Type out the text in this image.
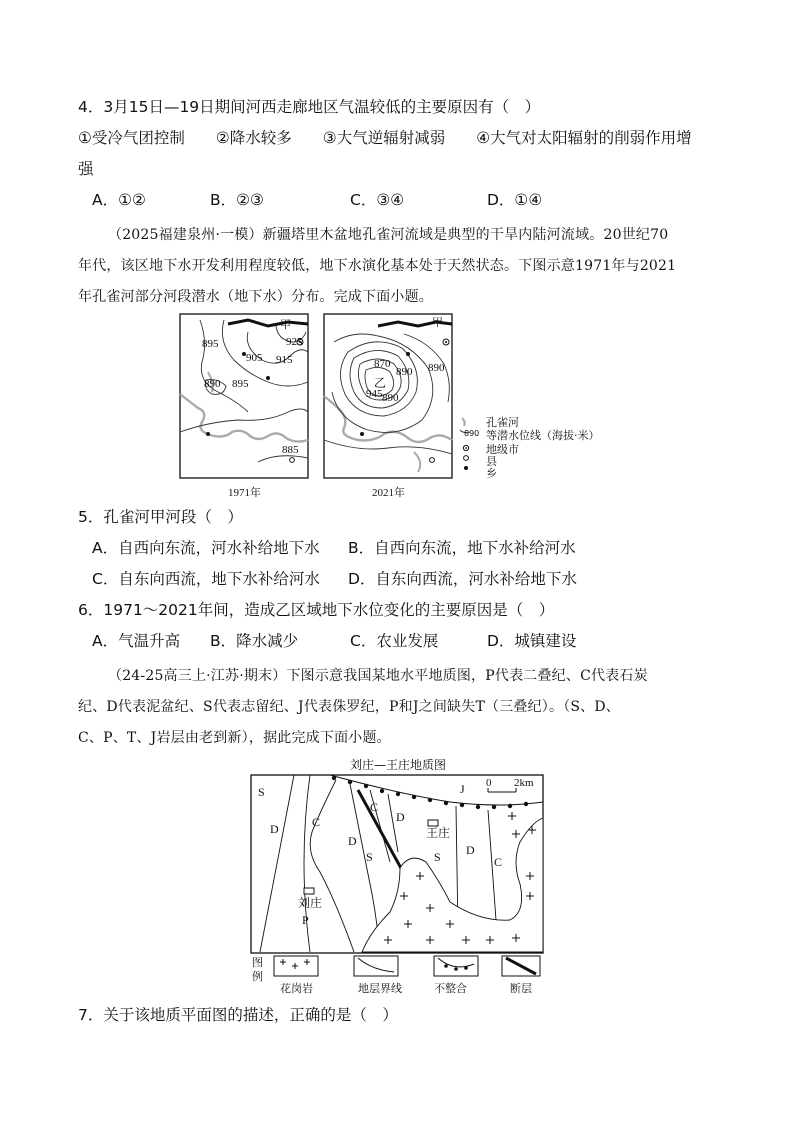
4．3月15日—19日期间河西走廊地区气温较低的主要原因有（　）
①受冷气团控制　　②降水较多　　③大气逆辐射减弱　　④大气对太阳辐射的削弱作用增
强
A．①②	B．②③	C．③④	D．①④
（2025福建泉州·一模）新疆塔里木盆地孔雀河流域是典型的干旱内陆河流域。20世纪70
年代，该区地下水开发利用程度较低，地下水演化基本处于天然状态。下图示意1971年与2021
年孔雀河部分河段潜水（地下水）分布。完成下面小题。
甲	甲
乙
895
905 915
925
890 895
885
870
890
945 890
890
1971年	2021年
孔雀河
等潜水位线（海拔·米）
890
地级市
县
乡
5．孔雀河甲河段（　）
A．自西向东流，河水补给地下水 B．自西向东流，地下水补给河水
C．自东向西流，地下水补给河水 D．自东向西流，河水补给地下水
6．1971～2021年间，造成乙区域地下水位变化的主要原因是（　）
A．气温升高 B．降水减少	C．农业发展	D．城镇建设
（24-25高三上·江苏·期末）下图示意我国某地水平地质图，P代表二叠纪、C代表石炭
纪、D代表泥盆纪、S代表志留纪、J代表侏罗纪，P和J之间缺失T（三叠纪）。（S、D、
C、P、T、J岩层由老到新），据此完成下面小题。
刘庄—王庄地质图
S
D	C
D
S
C
D
S D
C
J
P
0 2km
王庄
刘庄
图例
花岗岩	地层界线	不整合	断层
7．关于该地质平面图的描述，正确的是（　）
